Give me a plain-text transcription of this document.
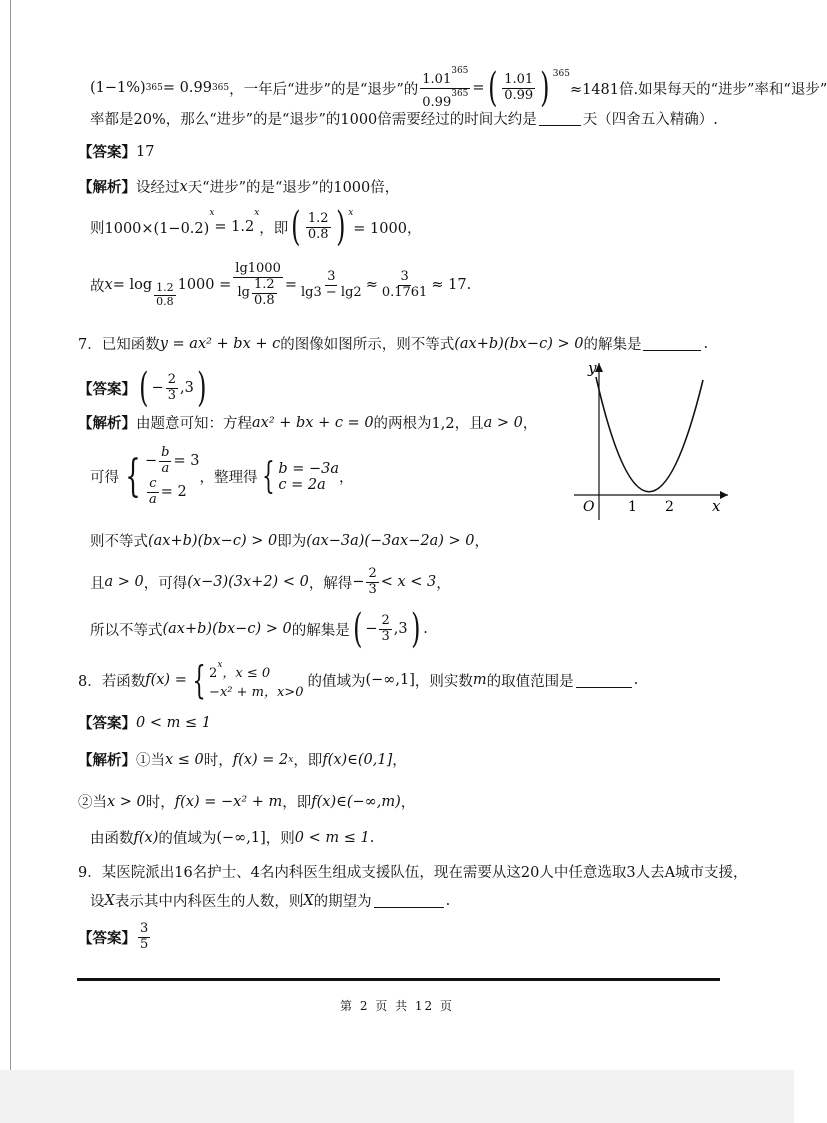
(1−1%) 365 = 0.99 365 ，一年后“进步”的是“退步”的 $\frac{1.01^{365}}{0.99^{365}}$ = ( 1.01
0.99 ) 365
≈1481倍.如果每天的“进步”率和“退步”
率都是20%，那么“进步”的是“退步”的1000倍需要经过的时间大约是	天（四舍五入精确）.
【答案】 17
【解析】 设经过 x 天“进步”的是“退步”的1000倍，
则1000×(1−0.2)
x
= 1.2
x
，即 ( 1.2
0.8 ) x
= 1000，
故 x = log 1.2
0.8
1000 = lg1000
lg
1.2
$0.8 = \frac{3}{\lg 3 - \lg 2} \approx \frac{3}{0.1761} \approx 17$ .
7． 已知函数 y = ax² + bx + c 的图像如图所示，则不等式 (ax+b)(bx−c) > 0 的解集是	.
【答案】 ( − $\frac{2}{3} ,3$ )
【解析】 由题意可知：方程 ax² + bx + c = 0 的两根为1,2，且 a > 0 ，
可得 { − $\frac{b}{a} = 3$
$\frac{c}{a} = 2$
，整理得 { b = −3a
c = 2a ，
则不等式 (ax+b)(bx−c) > 0 即为 (ax−3a)(−3ax−2a) > 0 ，
且 a > 0 ，可得 (x−3)(3x+2) < 0 ，解得 − $\frac{2}{3} < x < 3$ ，
所以不等式 (ax+b)(bx−c) > 0 的解集是 ( − $\frac{2}{3} ,3$ ) .
y
x
O 1 2
8． 若函数 f(x) = { 2$^x$，x ≤ 0
−x² + m，x>0
的值域为 (−∞,1] ，则实数 m 的取值范围是	.
【答案】 0 < m ≤ 1
【解析】 ①当 x ≤ 0 时， f(x) = 2 x ，即 f(x)∈(0,1] ，
②当 x > 0 时， f(x) = −x² + m ，即 f(x)∈(−∞,m) ，
由函数 f(x) 的值域为 (−∞,1] ，则 0 < m ≤ 1 .
9． 某医院派出16名护士、4名内科医生组成支援队伍，现在需要从这20人中任意选取3人去A城市支援，
设 X 表示其中内科医生的人数，则 X 的期望为	.
【答案】
3
5
第 2 页 共 12 页
